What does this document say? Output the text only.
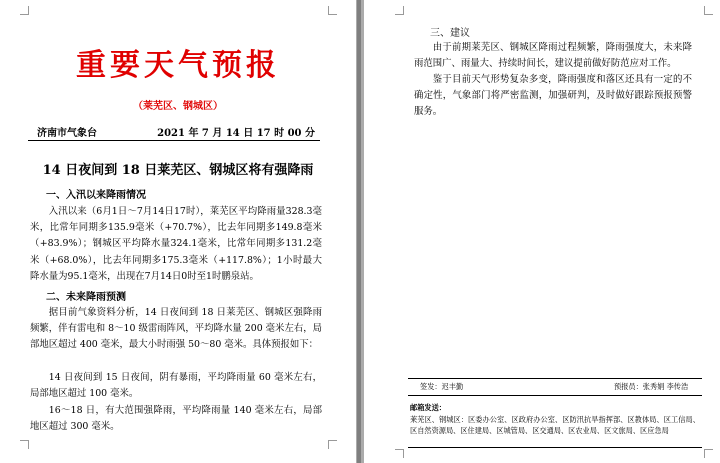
重要天气预报
（莱芜区、钢城区）
济南市气象台	2021 年 7 月 14 日 17 时 00 分
14 日夜间到 18 日莱芜区、钢城区将有强降雨
一、入汛以来降雨情况
入汛以来（6月1日～7月14日17时），莱芜区平均降雨量328.3毫米，比常年同期多135.9毫米（+70.7%），比去年同期多149.8毫米（+83.9%）；钢城区平均降水量324.1毫米，比常年同期多131.2毫米（+68.0%），比去年同期多175.3毫米（+117.8%）；1小时最大降水量为95.1毫米，出现在7月14日0时至1时鹏泉站。
二、未来降雨预测
据目前气象资料分析，14 日夜间到 18 日莱芜区、钢城区强降雨频繁，伴有雷电和 8～10 级雷雨阵风，平均降水量 200 毫米左右，局部地区超过 400 毫米，最大小时雨强 50～80 毫米。具体预报如下：
14 日夜间到 15 日夜间，阴有暴雨，平均降雨量 60 毫米左右，局部地区超过 100 毫米。
16～18 日，有大范围强降雨，平均降雨量 140 毫米左右，局部地区超过 300 毫米。
三、建议
由于前期莱芜区、钢城区降雨过程频繁，降雨强度大，未来降雨范围广、雨量大、持续时间长，建议提前做好防范应对工作。
鉴于目前天气形势复杂多变，降雨强度和落区还具有一定的不确定性，气象部门将严密监测，加强研判，及时做好跟踪预报预警服务。
签发：迟丰勤	预报员：张秀娟 李传浩
邮箱发送：
莱芜区、钢城区：区委办公室、区政府办公室、区防汛抗旱指挥部、区教体局、区工信局、区自然资源局、区住建局、区城管局、区交通局、区农业局、区文旅局、区应急局
